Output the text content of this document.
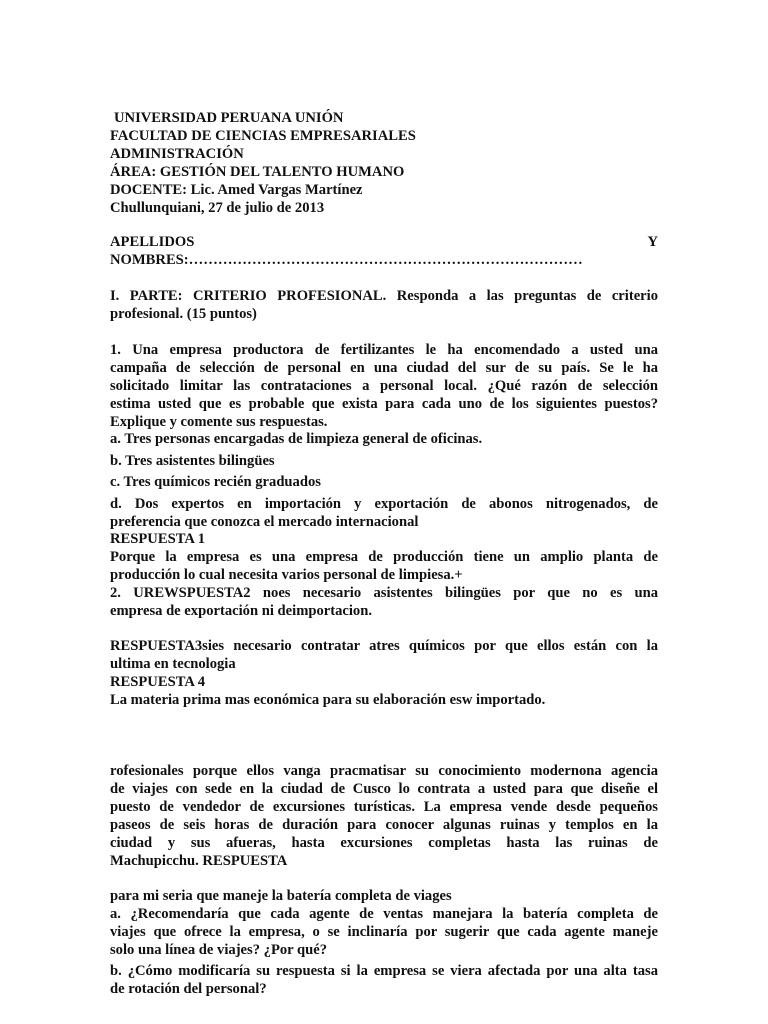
UNIVERSIDAD PERUANA UNIÓN
FACULTAD DE CIENCIAS EMPRESARIALES
ADMINISTRACIÓN
ÁREA: GESTIÓN DEL TALENTO HUMANO
DOCENTE: Lic. Amed Vargas Martínez
Chullunquiani, 27 de julio de 2013
APELLIDOS	Y
NOMBRES:………………………………………………………………………
I. PARTE: CRITERIO PROFESIONAL. Responda a las preguntas de criterio
profesional. (15 puntos)
1. Una empresa productora de fertilizantes le ha encomendado a usted una
campaña de selección de personal en una ciudad del sur de su país. Se le ha
solicitado limitar las contrataciones a personal local. ¿Qué razón de selección
estima usted que es probable que exista para cada uno de los siguientes puestos?
Explique y comente sus respuestas.
a. Tres personas encargadas de limpieza general de oficinas.
b. Tres asistentes bilingües
c. Tres químicos recién graduados
d. Dos expertos en importación y exportación de abonos nitrogenados, de
preferencia que conozca el mercado internacional
RESPUESTA 1
Porque la empresa es una empresa de producción tiene un amplio planta de
producción lo cual necesita varios personal de limpiesa.+
2. UREWSPUESTA2 noes necesario asistentes bilingües por que no es una
empresa de exportación ni deimportacion.
RESPUESTA3sies necesario contratar atres químicos por que ellos están con la
ultima en tecnologia
RESPUESTA 4
La materia prima mas económica para su elaboración esw importado.
rofesionales porque ellos vanga pracmatisar su conocimiento modernona agencia
de viajes con sede en la ciudad de Cusco lo contrata a usted para que diseñe el
puesto de vendedor de excursiones turísticas. La empresa vende desde pequeños
paseos de seis horas de duración para conocer algunas ruinas y templos en la
ciudad y sus afueras, hasta excursiones completas hasta las ruinas de
Machupicchu. RESPUESTA
para mi seria que maneje la batería completa de viages
a. ¿Recomendaría que cada agente de ventas manejara la batería completa de
viajes que ofrece la empresa, o se inclinaría por sugerir que cada agente maneje
solo una línea de viajes? ¿Por qué?
b. ¿Cómo modificaría su respuesta si la empresa se viera afectada por una alta tasa
de rotación del personal?
